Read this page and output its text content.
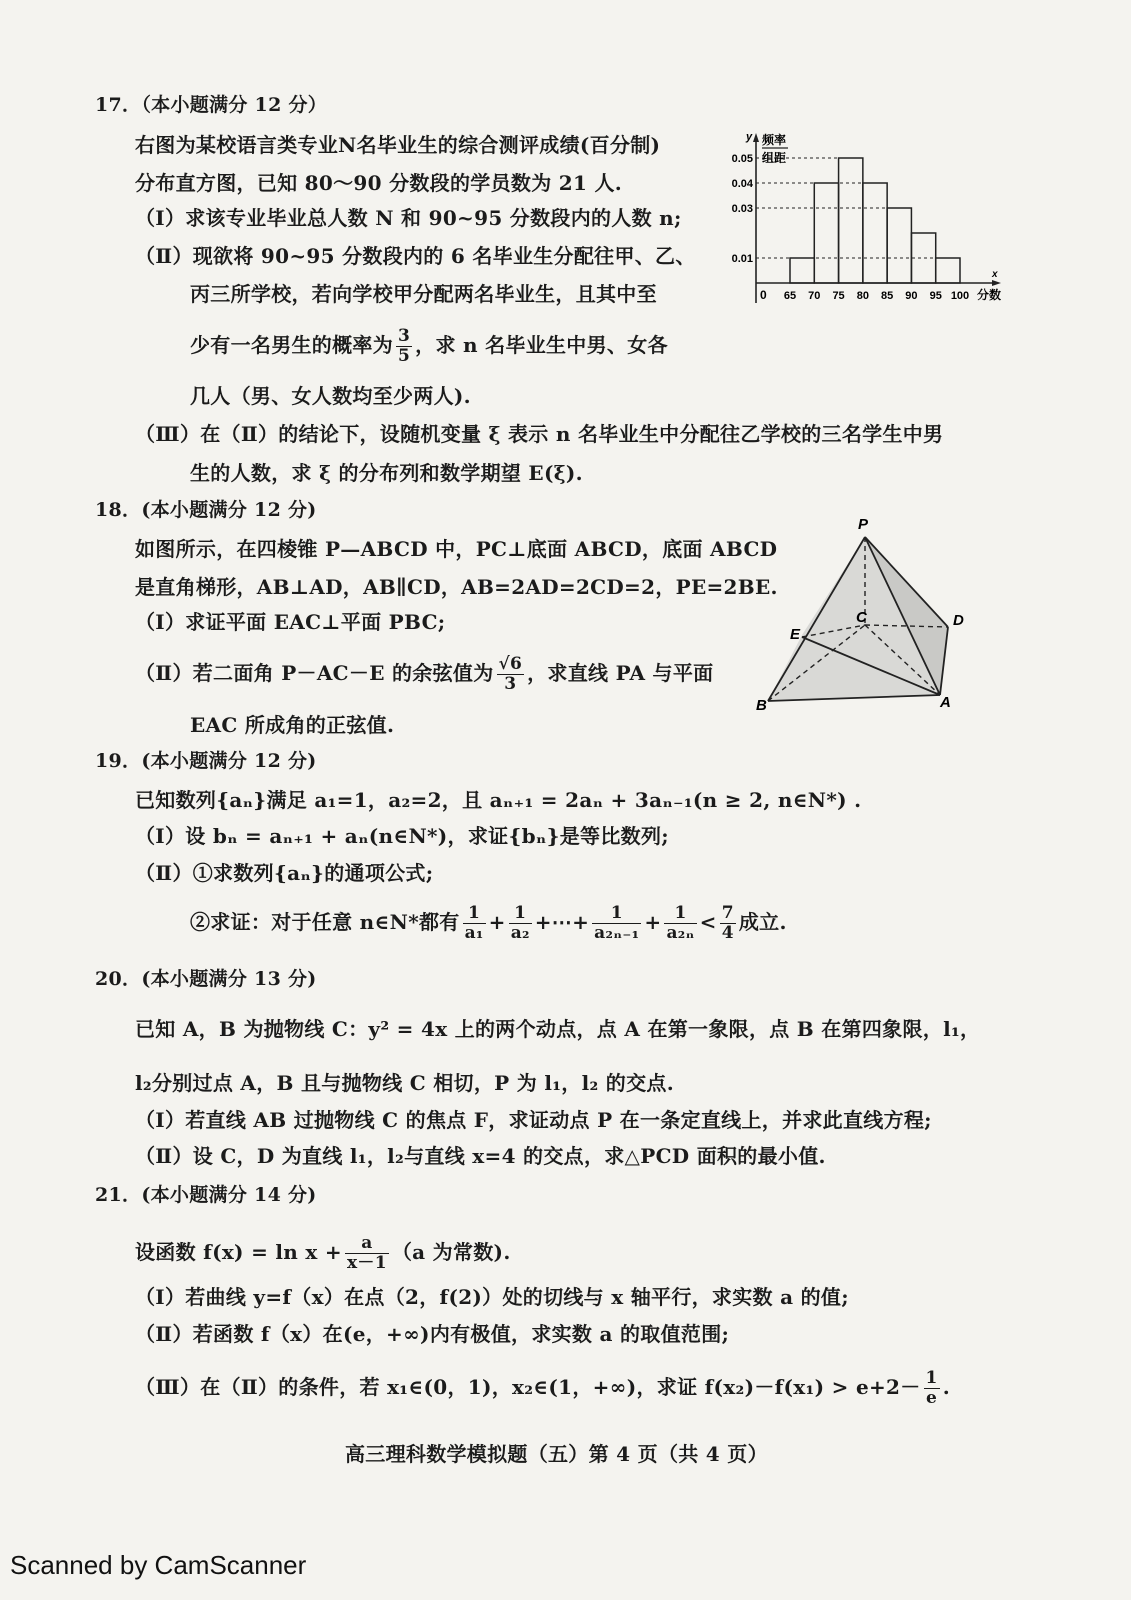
17．（本小题满分 12 分）
右图为某校语言类专业N名毕业生的综合测评成绩(百分制)
分布直方图，已知 80～90 分数段的学员数为 21 人.
（Ⅰ）求该专业毕业总人数 N 和 90~95 分数段内的人数 n;
（Ⅱ）现欲将 90~95 分数段内的 6 名毕业生分配往甲、乙、
丙三所学校，若向学校甲分配两名毕业生，且其中至
少有一名男生的概率为 $\frac{3}{5}$ ，求 n 名毕业生中男、女各
几人（男、女人数均至少两人).
（Ⅲ）在（Ⅱ）的结论下，设随机变量 ξ 表示 n 名毕业生中分配往乙学校的三名学生中男
生的人数，求 ξ 的分布列和数学期望 E(ξ).
0.05
0.04
0.03
0.01
65 70 75 80 85 90 95 100 分数
0
y
x
频率
组距
18．(本小题满分 12 分)
如图所示，在四棱锥 P—ABCD 中，PC⊥底面 ABCD，底面 ABCD
是直角梯形，AB⊥AD，AB∥CD，AB=2AD=2CD=2，PE=2BE.
（Ⅰ）求证平面 EAC⊥平面 PBC;
（Ⅱ）若二面角 P－AC－E 的余弦值为 $\frac{√6}{3}$ ，求直线 PA 与平面
EAC 所成角的正弦值.
P
E
C	D
B	A
19．(本小题满分 12 分)
已知数列{aₙ}满足 a₁=1，a₂=2，且 aₙ₊₁ = 2aₙ + 3aₙ₋₁(n ≥ 2, n∈N*) .
（Ⅰ）设 bₙ = aₙ₊₁ + aₙ(n∈N*)，求证{bₙ}是等比数列;
（Ⅱ）①求数列{aₙ}的通项公式;
②求证：对于任意 n∈N*都有 $\frac{1}{\text{a₁}} + \frac{1}{\text{a₂}}$ +⋯+ $\frac{1}{\text{a₂ₙ₋₁}} + \frac{1}{\text{a₂ₙ}} < \frac{7}{4}$ 成立.
20．(本小题满分 13 分)
已知 A，B 为抛物线 C：y² = 4x 上的两个动点，点 A 在第一象限，点 B 在第四象限，l₁，
l₂分别过点 A，B 且与抛物线 C 相切，P 为 l₁，l₂ 的交点.
（Ⅰ）若直线 AB 过抛物线 C 的焦点 F，求证动点 P 在一条定直线上，并求此直线方程;
（Ⅱ）设 C，D 为直线 l₁，l₂与直线 x=4 的交点，求△PCD 面积的最小值.
21．(本小题满分 14 分)
设函数 $f(x) = \ln x + \frac{a}{x-1} (a$ 为常数).
（Ⅰ）若曲线 y=f（x）在点（2，f(2)）处的切线与 x 轴平行，求实数 a 的值;
（Ⅱ）若函数 f（x）在(e，+∞)内有极值，求实数 a 的取值范围;
（Ⅲ）在（Ⅱ）的条件，若 x₁∈(0，1)，x₂∈(1，+∞)，求证 $f(x_2)-f(x_1) > e+2- \frac{1}{e}$ .
高三理科数学模拟题（五）第 4 页（共 4 页）
Scanned by CamScanner
